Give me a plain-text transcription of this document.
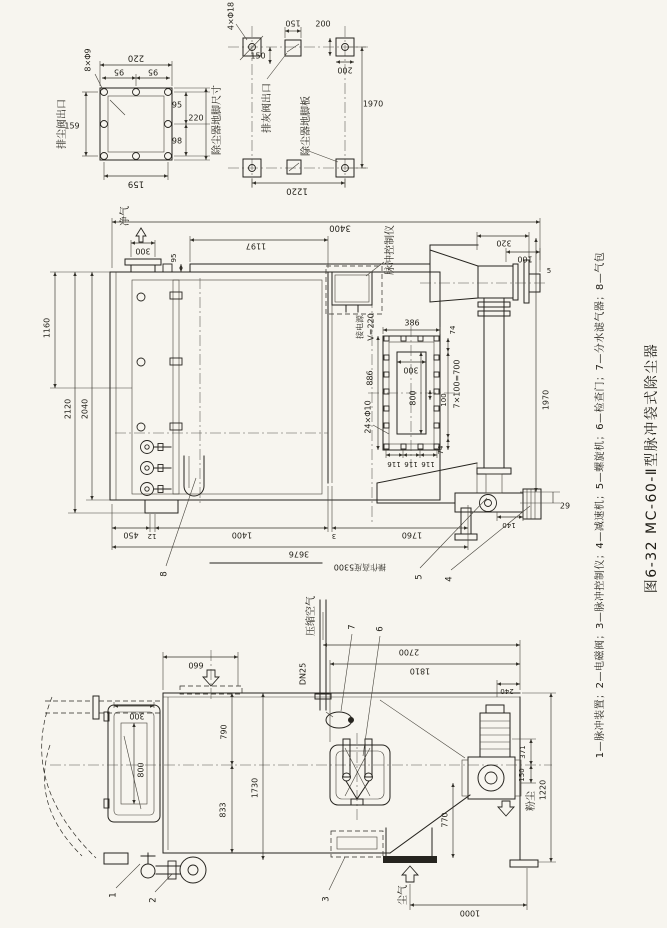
8×Φ9	220
95	95
159
95
98
220
159
排尘阀出口
4×Φ18	150
150
200
200
1970
1220
排灰阀出口	除尘器地脚板
除尘器地脚尺寸
净气
300
95	脉冲控制仪
接电源 V=220	386
300
800
886
74
7×100=700
74
100
116 116 116
24×Φ10
3400
1197	320
100
5
1970
29
140
1160
2120 2040
450 12	1400	3	1760
3676
操作高度5300
8
5 4
300
800
DN25
压缩空气
粉尘
尘气
660
2700
1810
240
790
833
1730
371
150
1220
770
1000
7 6
1
2	3
图6-32 MC-60-Ⅱ型脉冲袋式除尘器
1—脉冲装置；2—电磁阀；3—脉冲控制仪；4—减速机；5—螺旋机；6—检查门；7—分水滤气器；8—气包
